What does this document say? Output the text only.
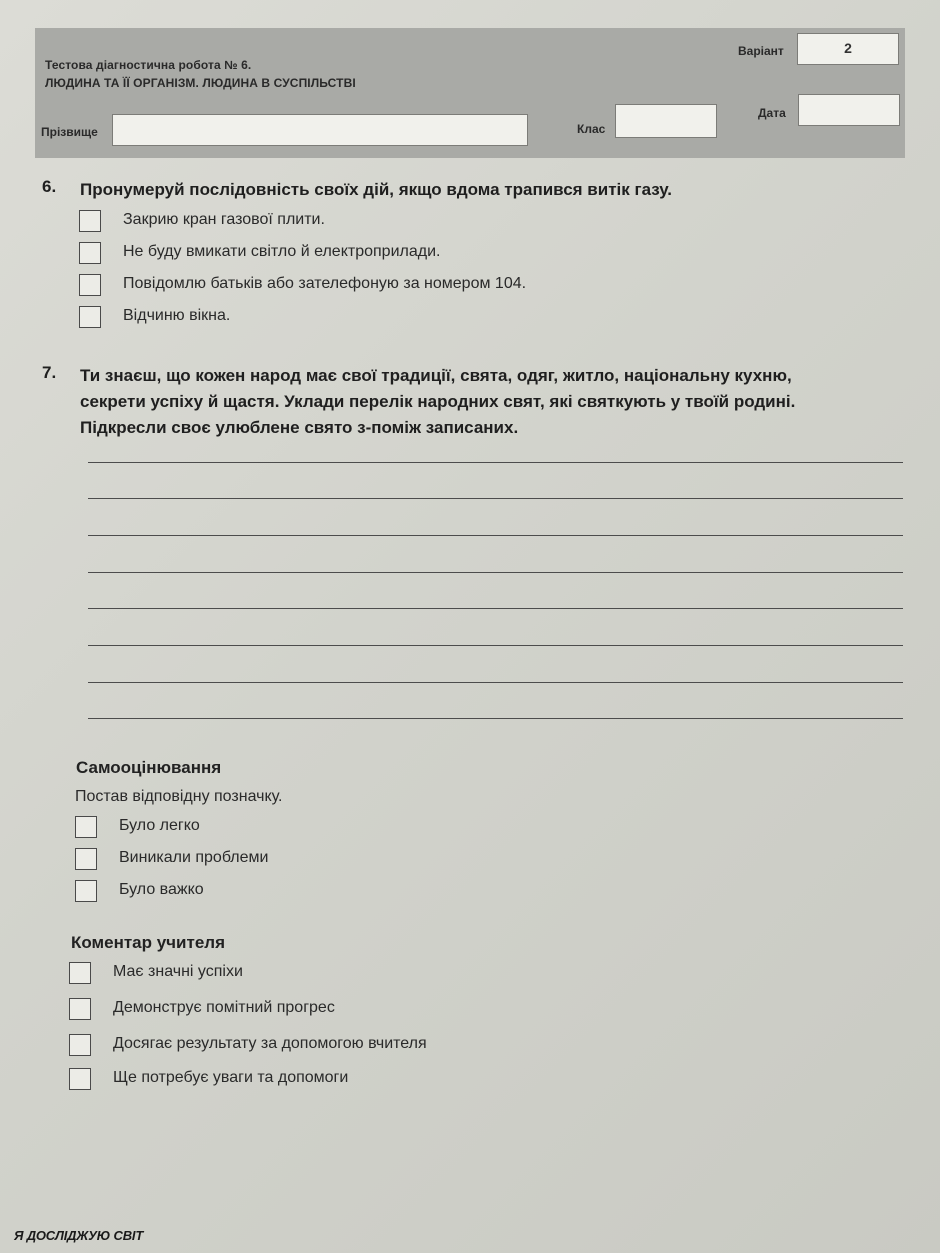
Тестова діагностична робота № 6.
ЛЮДИНА ТА ЇЇ ОРГАНІЗМ. ЛЮДИНА В СУСПІЛЬСТВІ
Варіант	2
Прізвище	Клас
Дата
6. Пронумеруй послідовність своїх дій, якщо вдома трапився витік газу.
Закрию кран газової плити.
Не буду вмикати світло й електроприлади.
Повідомлю батьків або зателефоную за номером 104.
Відчиню вікна.
7. Ти знаєш, що кожен народ має свої традиції, свята, одяг, житло, національну кухню,
секрети успіху й щастя. Уклади перелік народних свят, які святкують у твоїй родині.
Підкресли своє улюблене свято з-поміж записаних.
Самооцінювання
Постав відповідну позначку.
Було легко
Виникали проблеми
Було важко
Коментар учителя
Має значні успіхи
Демонструє помітний прогрес
Досягає результату за допомогою вчителя
Ще потребує уваги та допомоги
Я ДОСЛІДЖУЮ СВІТ
